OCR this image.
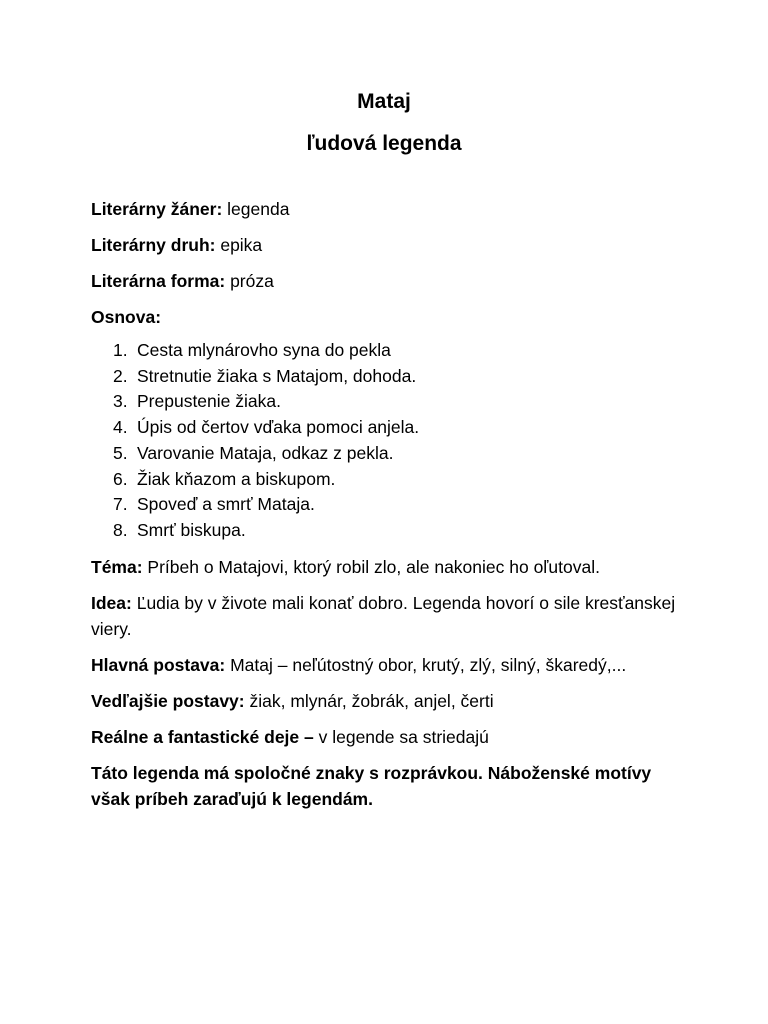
Mataj
ľudová legenda

Literárny žáner: legenda

Literárny druh: epika

Literárna forma: próza

Osnova:

1. Cesta mlynárovho syna do pekla
2. Stretnutie žiaka s Matajom, dohoda.
3. Prepustenie žiaka.
4. Úpis od čertov vďaka pomoci anjela.
5. Varovanie Mataja, odkaz z pekla.
6. Žiak kňazom a biskupom.
7. Spoveď a smrť Mataja.
8. Smrť biskupa.

Téma: Príbeh o Matajovi, ktorý robil zlo, ale nakoniec ho oľutoval.

Idea: Ľudia by v živote mali konať dobro. Legenda hovorí o sile kresťanskej viery.

Hlavná postava: Mataj – neľútostný obor, krutý, zlý, silný, škaredý,...

Vedľajšie postavy: žiak, mlynár, žobrák, anjel, čerti

Reálne a fantastické deje – v legende sa striedajú

Táto legenda má spoločné znaky s rozprávkou. Náboženské motívy však príbeh zaraďujú k legendám.
